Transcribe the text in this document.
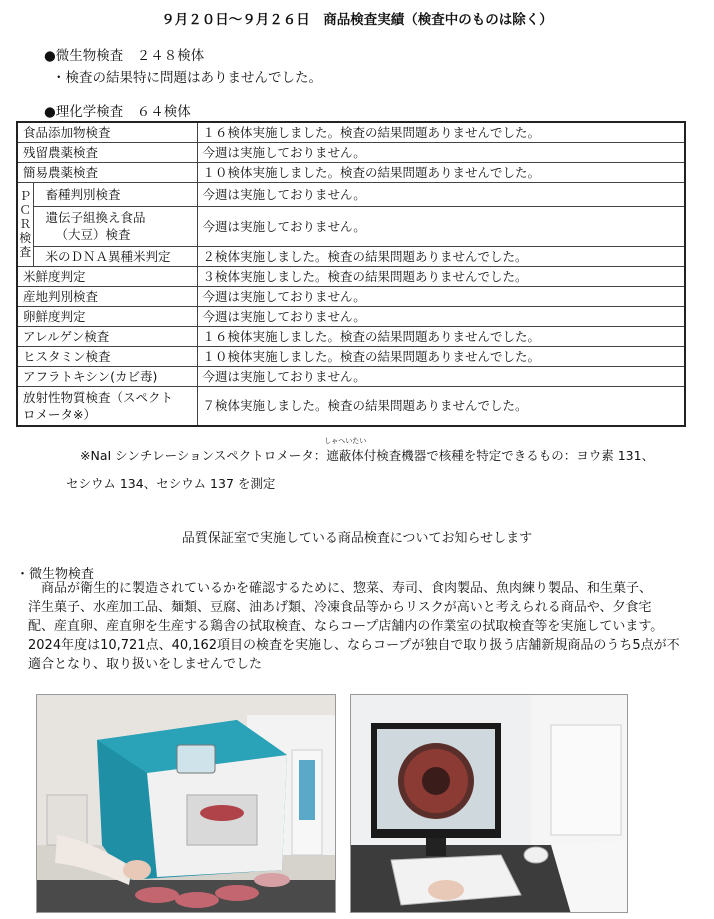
９月２０日～９月２６日　商品検査実績（検査中のものは除く）
●微生物検査　２４８検体
・検査の結果特に問題はありませんでした。
●理化学検査　６４検体
食品添加物検査		１６検体実施しました。検査の結果問題ありませんでした。
残留農薬検査		今週は実施しておりません。
簡易農薬検査		１０検体実施しました。検査の結果問題ありませんでした。
ＰＣＲ検査	畜種判別検査	今週は実施しておりません。

	遺伝子組換え食品
（大豆）検査	今週は実施しておりません。
	米のＤＮＡ異種米判定	２検体実施しました。検査の結果問題ありませんでした。
米鮮度判定		３検体実施しました。検査の結果問題ありませんでした。
産地判別検査		今週は実施しておりません。
卵鮮度判定		今週は実施しておりません。
アレルゲン検査		１６検体実施しました。検査の結果問題ありませんでした。
ヒスタミン検査		１０検体実施しました。検査の結果問題ありませんでした。
アフラトキシン(カビ毒)		今週は実施しておりません。

放射性物質検査（スペクト
ロメータ※）		７検体実施しました。検査の結果問題ありませんでした。
※NaI シンチレーションスペクトロメータ：
しゃへいたい
遮蔽体付検査機器で核種を特定できるもの：ヨウ素 131、
セシウム 134、セシウム 137 を測定
品質保証室で実施している商品検査についてお知らせします
・微生物検査
　商品が衛生的に製造されているかを確認するために、惣菜、寿司、食肉製品、魚肉練り製品、和生菓子、
洋生菓子、水産加工品、麺類、豆腐、油あげ類、冷凍食品等からリスクが高いと考えられる商品や、夕食宅
配、産直卵、産直卵を生産する鶏舎の拭取検査、ならコープ店舗内の作業室の拭取検査等を実施しています。
2024年度は10,721点、40,162項目の検査を実施し、ならコープが独自で取り扱う店舗新規商品のうち5点が不
適合となり、取り扱いをしませんでした
